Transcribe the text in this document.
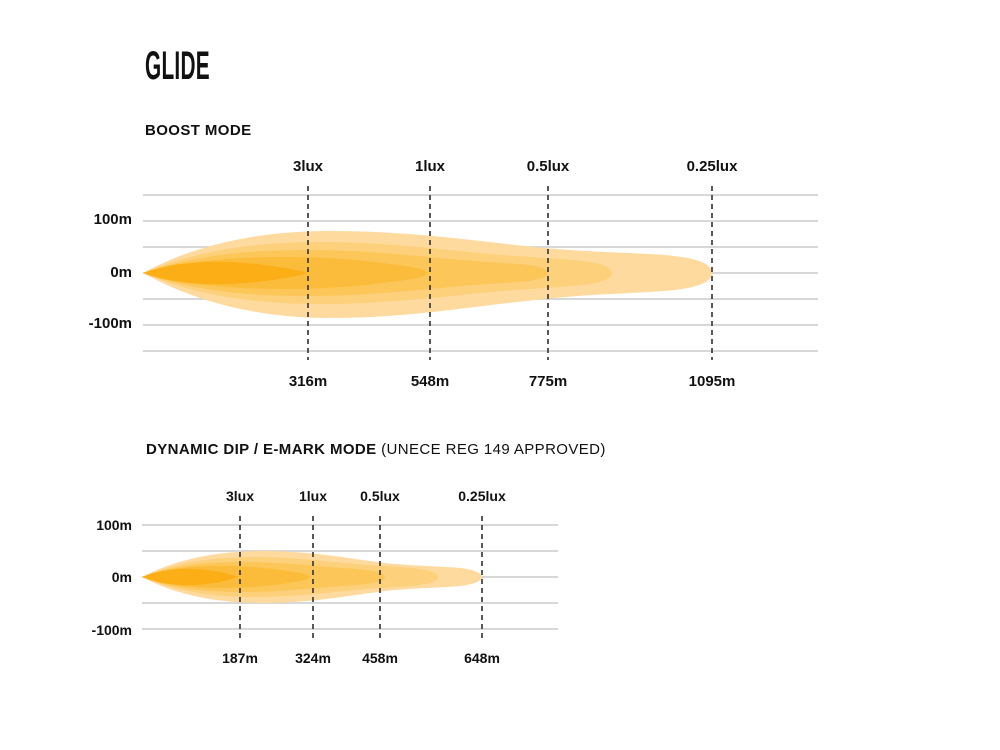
GLIDE
BOOST MODE
DYNAMIC DIP / E-MARK MODE (UNECE REG 149 APPROVED)
3lux	1lux	0.5lux	0.25lux
100m
0m
-100m
316m	548m	775m	1095m
3lux	1lux 0.5lux	0.25lux
100m
0m
-100m
187m	324m 458m	648m
